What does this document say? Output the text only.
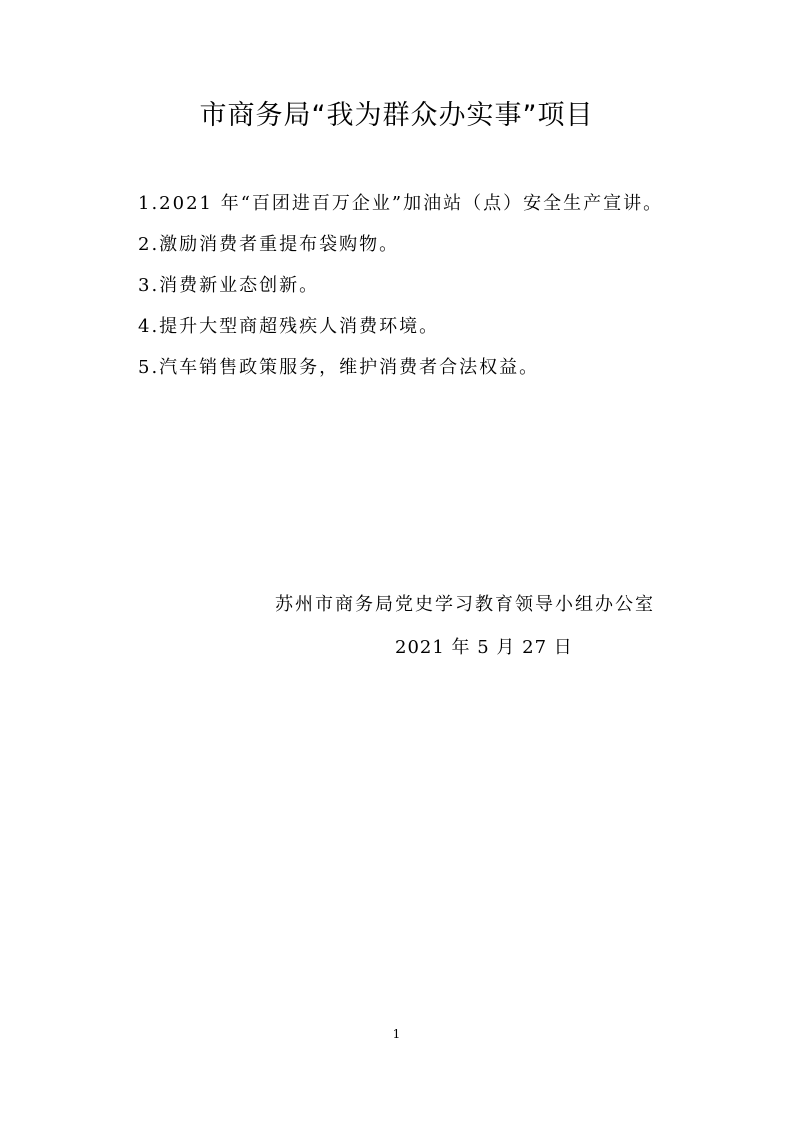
市商务局“我为群众办实事”项目
1.2021 年“百团进百万企业”加油站（点）安全生产宣讲。
2.激励消费者重提布袋购物。
3.消费新业态创新。
4.提升大型商超残疾人消费环境。
5.汽车销售政策服务，维护消费者合法权益。
苏州市商务局党史学习教育领导小组办公室
2021 年 5 月 27 日
1
